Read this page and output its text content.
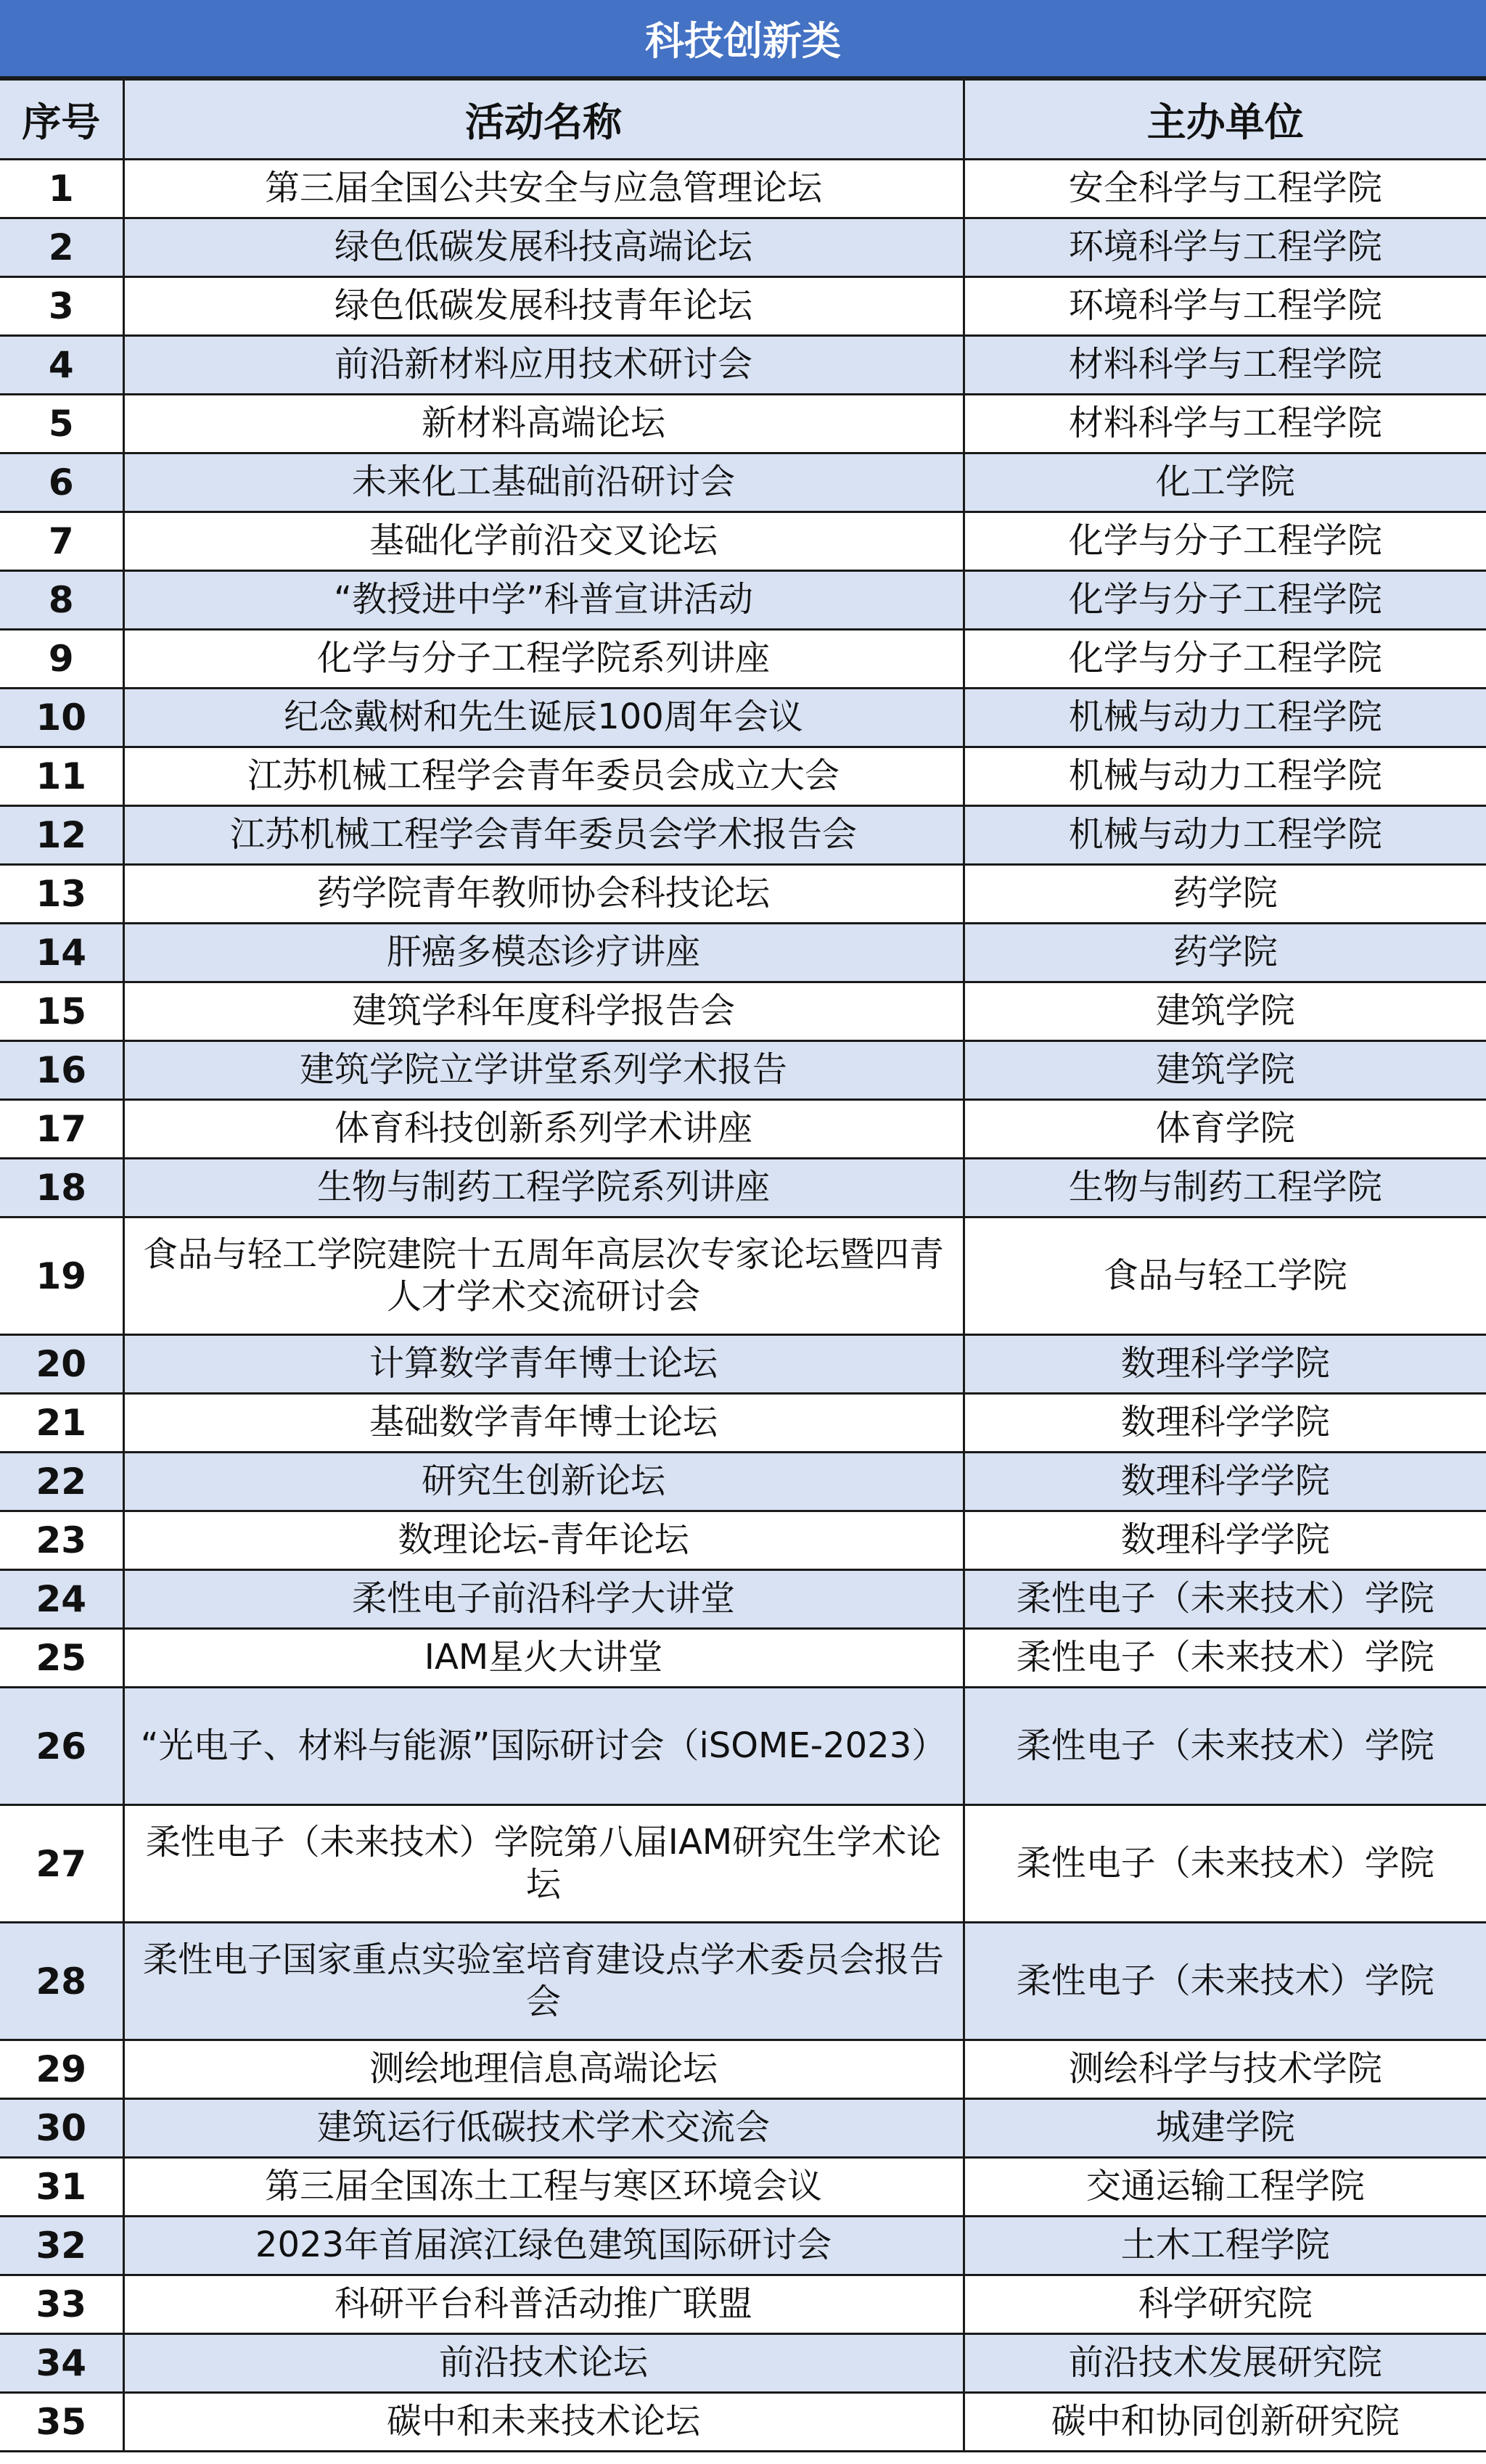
科技创新类
序号	活动名称	主办单位
1	第三届全国公共安全与应急管理论坛	安全科学与工程学院
2	绿色低碳发展科技高端论坛	环境科学与工程学院
3	绿色低碳发展科技青年论坛	环境科学与工程学院
4	前沿新材料应用技术研讨会	材料科学与工程学院
5	新材料高端论坛	材料科学与工程学院
6	未来化工基础前沿研讨会	化工学院
7	基础化学前沿交叉论坛	化学与分子工程学院
8	“教授进中学”科普宣讲活动	化学与分子工程学院
9	化学与分子工程学院系列讲座	化学与分子工程学院
10	纪念戴树和先生诞辰100周年会议	机械与动力工程学院
11	江苏机械工程学会青年委员会成立大会	机械与动力工程学院
12	江苏机械工程学会青年委员会学术报告会	机械与动力工程学院
13	药学院青年教师协会科技论坛	药学院
14	肝癌多模态诊疗讲座	药学院
15	建筑学科年度科学报告会	建筑学院
16	建筑学院立学讲堂系列学术报告	建筑学院
17	体育科技创新系列学术讲座	体育学院
18	生物与制药工程学院系列讲座	生物与制药工程学院
19	食品与轻工学院建院十五周年高层次专家论坛暨四青人才学术交流研讨会	食品与轻工学院
20	计算数学青年博士论坛	数理科学学院
21	基础数学青年博士论坛	数理科学学院
22	研究生创新论坛	数理科学学院
23	数理论坛-青年论坛	数理科学学院
24	柔性电子前沿科学大讲堂	柔性电子（未来技术）学院
25	IAM星火大讲堂	柔性电子（未来技术）学院
26	“光电子、材料与能源”国际研讨会（iSOME-2023）	柔性电子（未来技术）学院
27	柔性电子（未来技术）学院第八届IAM研究生学术论坛	柔性电子（未来技术）学院
28	柔性电子国家重点实验室培育建设点学术委员会报告会	柔性电子（未来技术）学院
29	测绘地理信息高端论坛	测绘科学与技术学院
30	建筑运行低碳技术学术交流会	城建学院
31	第三届全国冻土工程与寒区环境会议	交通运输工程学院
32	2023年首届滨江绿色建筑国际研讨会	土木工程学院
33	科研平台科普活动推广联盟	科学研究院
34	前沿技术论坛	前沿技术发展研究院
35	碳中和未来技术论坛	碳中和协同创新研究院
